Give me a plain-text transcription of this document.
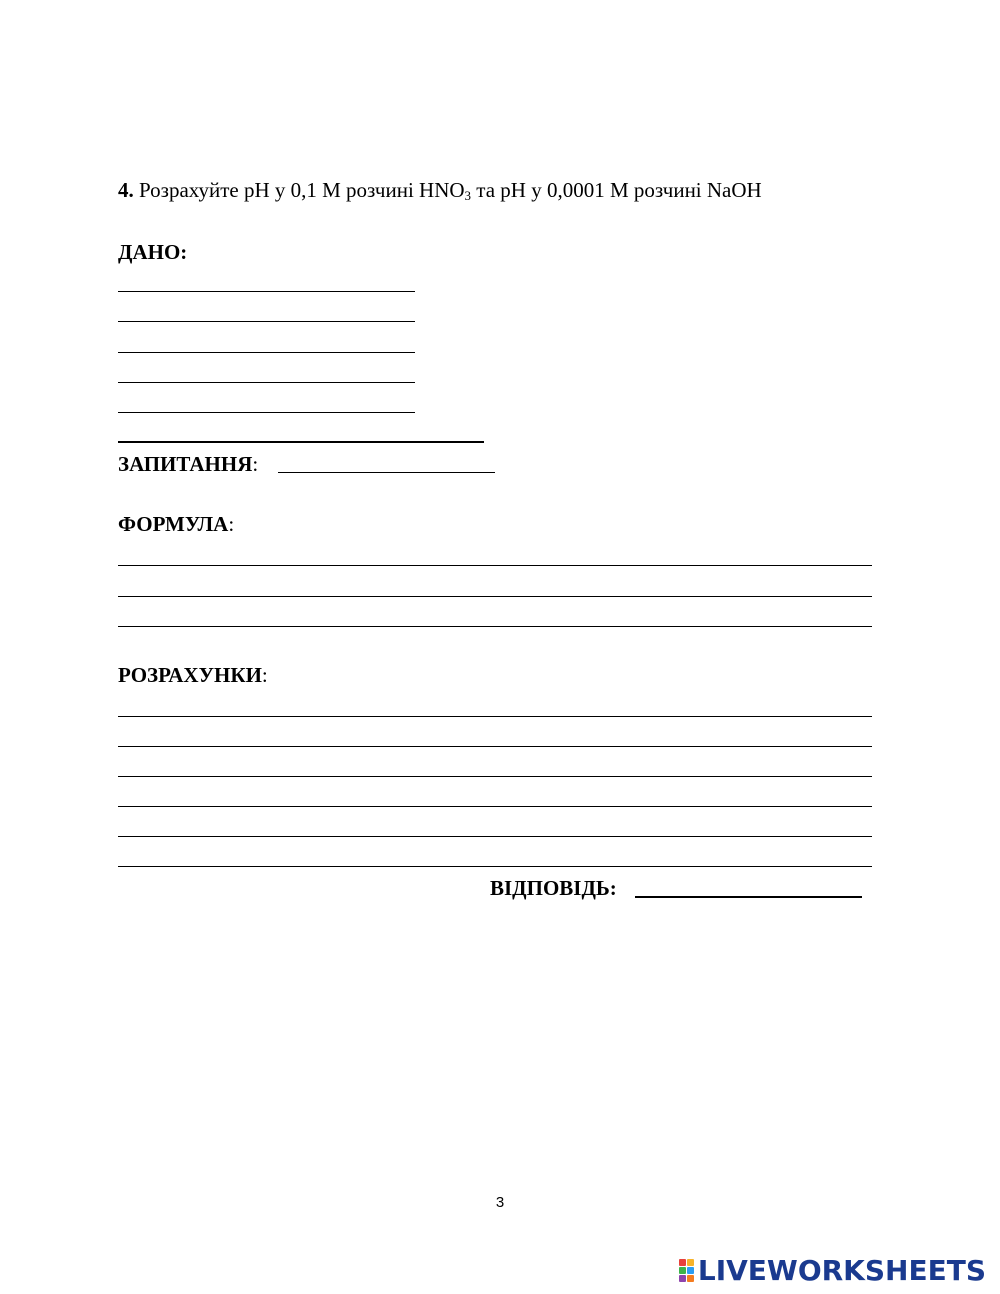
4. Розрахуйте pH у 0,1 М розчині $HNO_3$ та pH у 0,0001 М розчині NaOH
ДАНО:
ЗАПИТАННЯ:
ФОРМУЛА:
РОЗРАХУНКИ:
ВІДПОВІДЬ:
3
LIVEWORKSHEETS
